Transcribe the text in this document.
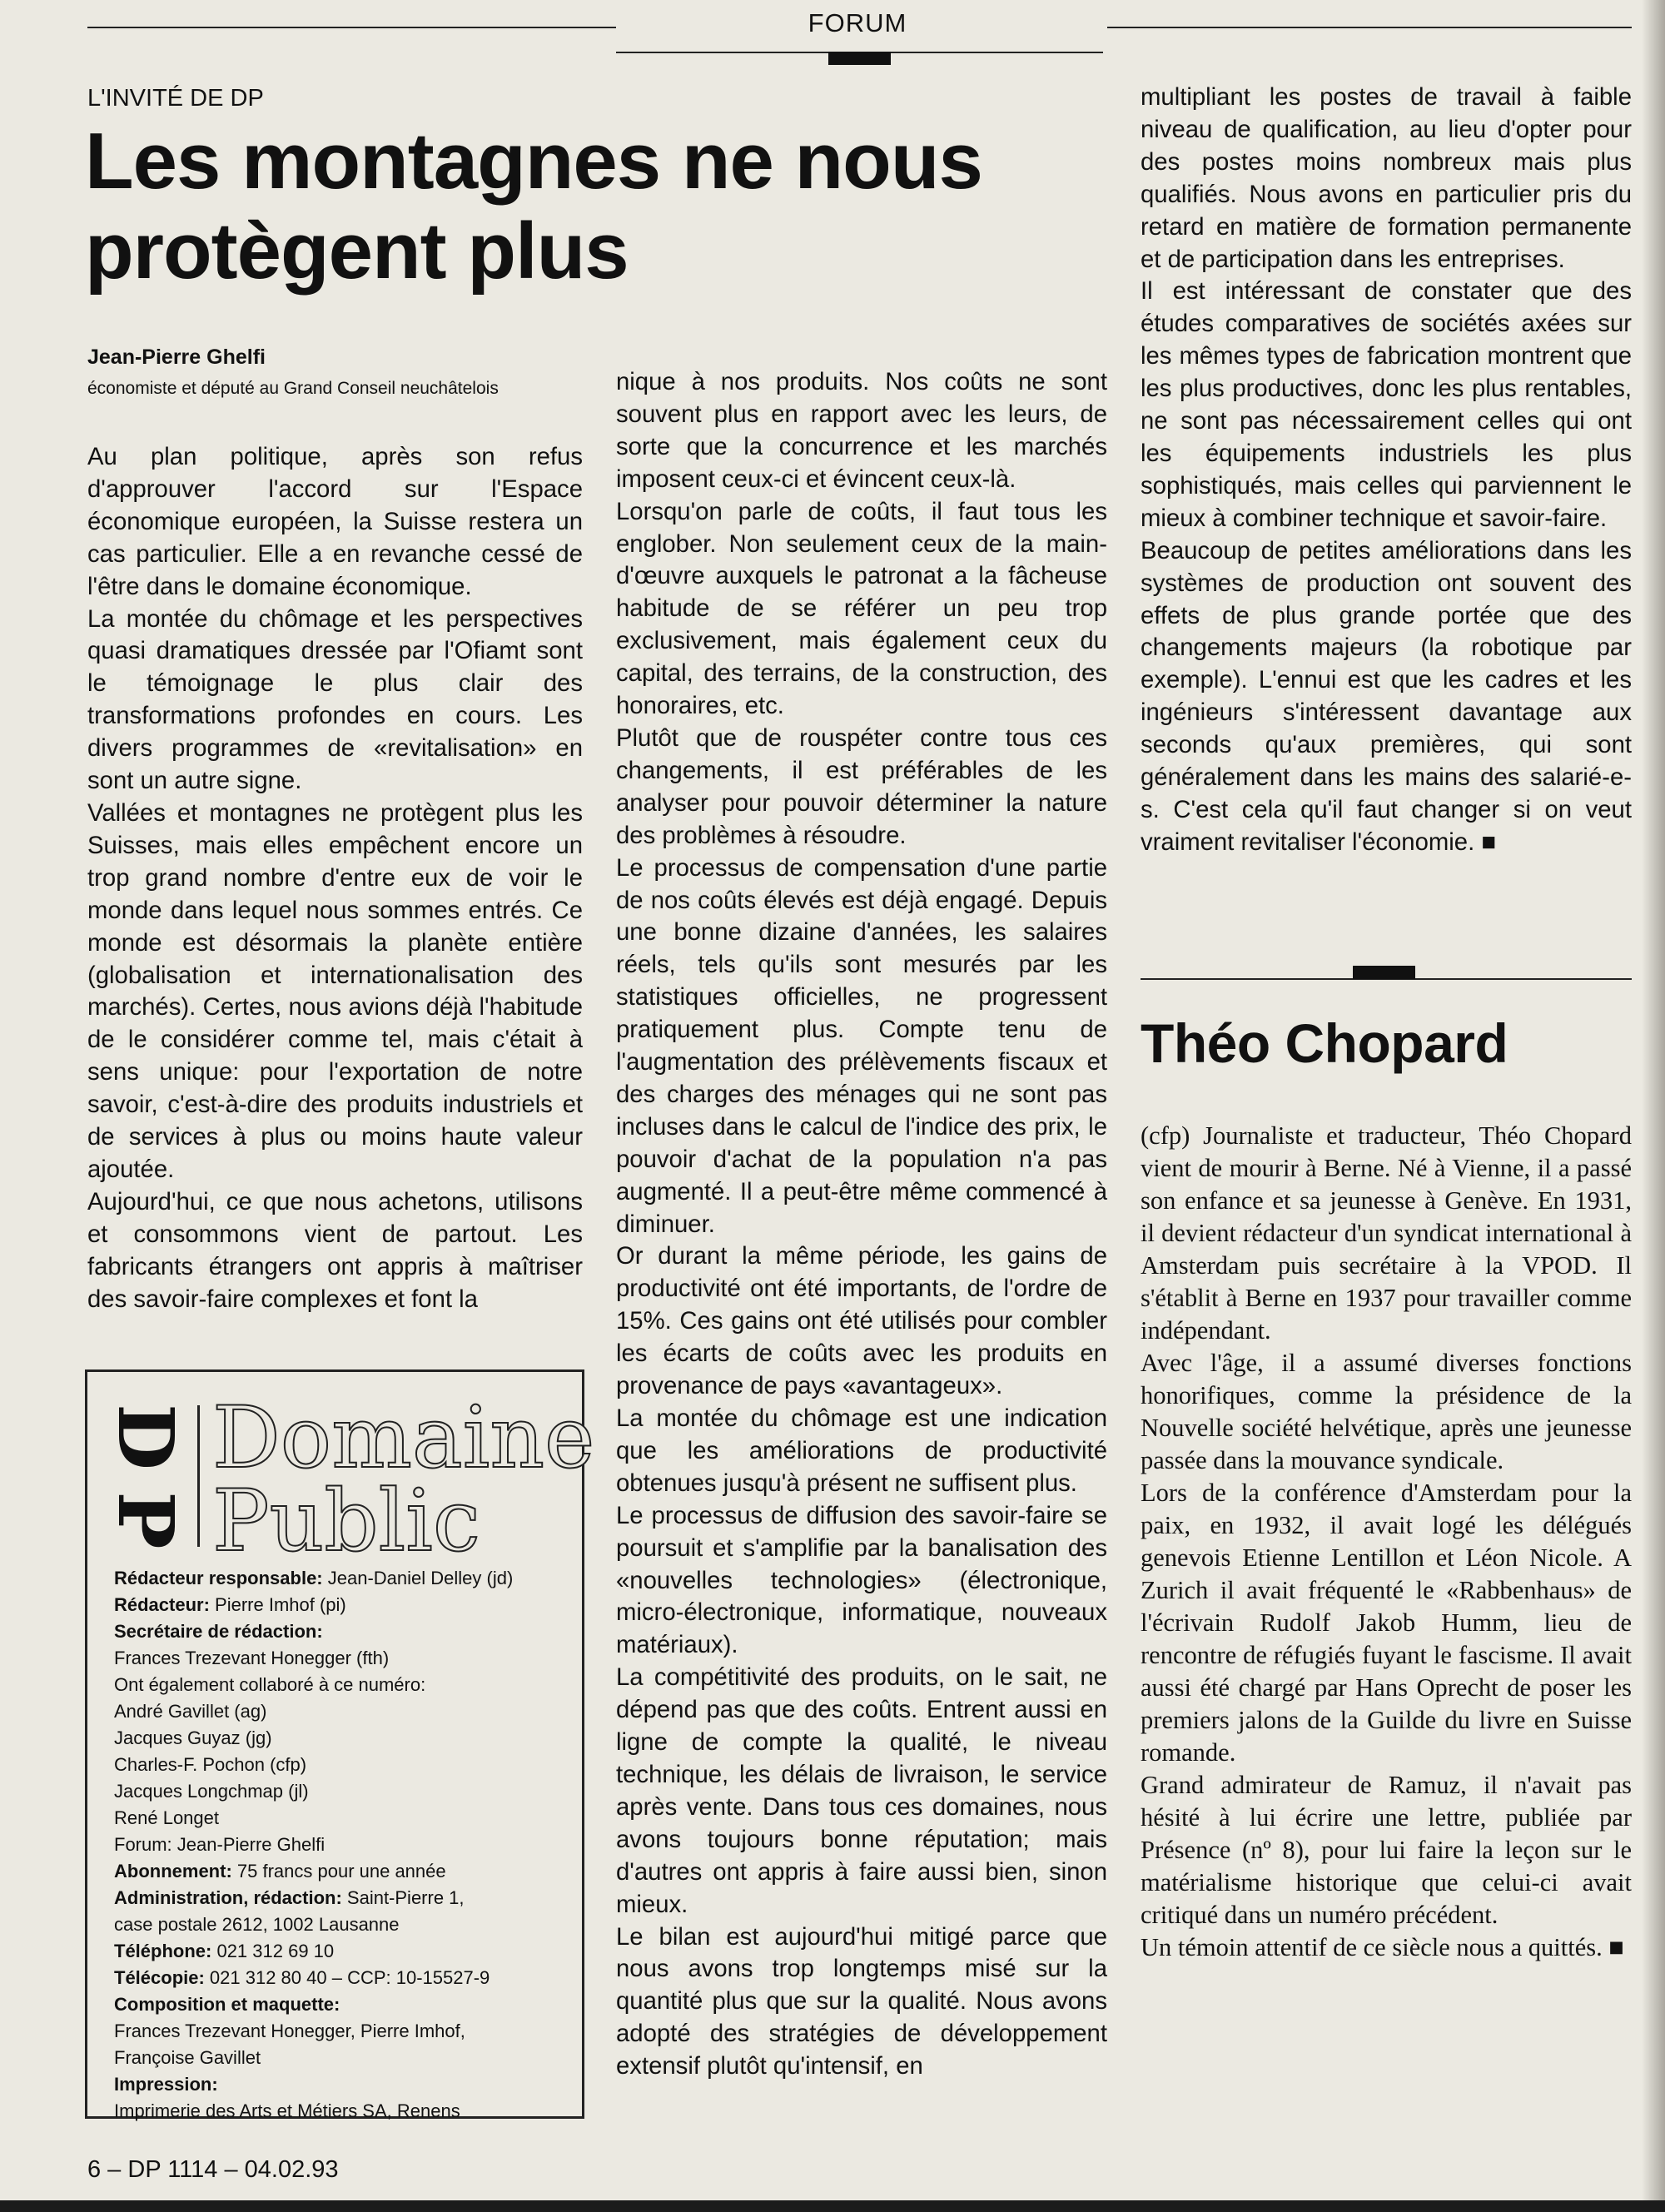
FORUM
L'INVITÉ DE DP
Les montagnes ne nous protègent plus
Jean-Pierre Ghelfi
économiste et député au Grand Conseil neuchâtelois

Au plan politique, après son refus d'approuver l'accord sur l'Espace économique européen, la Suisse restera un cas particulier. Elle a en revanche cessé de l'être dans le domaine économique.

La montée du chômage et les perspectives quasi dramatiques dressée par l'Ofiamt sont le témoignage le plus clair des transformations profondes en cours. Les divers programmes de «revitalisation» en sont un autre signe.

Vallées et montagnes ne protègent plus les Suisses, mais elles empêchent encore un trop grand nombre d'entre eux de voir le monde dans lequel nous sommes entrés. Ce monde est désormais la planète entière (globalisation et internationalisation des marchés). Certes, nous avions déjà l'habitude de le considérer comme tel, mais c'était à sens unique: pour l'exportation de notre savoir, c'est-à-dire des produits industriels et de services à plus ou moins haute valeur ajoutée.

Aujourd'hui, ce que nous achetons, utilisons et consommons vient de partout. Les fabricants étrangers ont appris à maîtriser des savoir-faire complexes et font la

nique à nos produits. Nos coûts ne sont souvent plus en rapport avec les leurs, de sorte que la concurrence et les marchés imposent ceux-ci et évincent ceux-là.

Lorsqu'on parle de coûts, il faut tous les englober. Non seulement ceux de la main-d'œuvre auxquels le patronat a la fâcheuse habitude de se référer un peu trop exclusivement, mais également ceux du capital, des terrains, de la construction, des honoraires, etc.

Plutôt que de rouspéter contre tous ces changements, il est préférables de les analyser pour pouvoir déterminer la nature des problèmes à résoudre.

Le processus de compensation d'une partie de nos coûts élevés est déjà engagé. Depuis une bonne dizaine d'années, les salaires réels, tels qu'ils sont mesurés par les statistiques officielles, ne progressent pratiquement plus. Compte tenu de l'augmentation des prélèvements fiscaux et des charges des ménages qui ne sont pas incluses dans le calcul de l'indice des prix, le pouvoir d'achat de la population n'a pas augmenté. Il a peut-être même commencé à diminuer.

Or durant la même période, les gains de productivité ont été importants, de l'ordre de 15%. Ces gains ont été utilisés pour combler les écarts de coûts avec les produits en provenance de pays «avantageux».

La montée du chômage est une indication que les améliorations de productivité obtenues jusqu'à présent ne suffisent plus.

Le processus de diffusion des savoir-faire se poursuit et s'amplifie par la banalisation des «nouvelles technologies» (électronique, micro-électronique, informatique, nouveaux matériaux).

La compétitivité des produits, on le sait, ne dépend pas que des coûts. Entrent aussi en ligne de compte la qualité, le niveau technique, les délais de livraison, le service après vente. Dans tous ces domaines, nous avons toujours bonne réputation; mais d'autres ont appris à faire aussi bien, sinon mieux.

Le bilan est aujourd'hui mitigé parce que nous avons trop longtemps misé sur la quantité plus que sur la qualité. Nous avons adopté des stratégies de développement extensif plutôt qu'intensif, en

multipliant les postes de travail à faible niveau de qualification, au lieu d'opter pour des postes moins nombreux mais plus qualifiés. Nous avons en particulier pris du retard en matière de formation permanente et de participation dans les entreprises.

Il est intéressant de constater que des études comparatives de sociétés axées sur les mêmes types de fabrication montrent que les plus productives, donc les plus rentables, ne sont pas nécessairement celles qui ont les équipements industriels les plus sophistiqués, mais celles qui parviennent le mieux à combiner technique et savoir-faire.

Beaucoup de petites améliorations dans les systèmes de production ont souvent des effets de plus grande portée que des changements majeurs (la robotique par exemple). L'ennui est que les cadres et les ingénieurs s'intéressent davantage aux seconds qu'aux premières, qui sont généralement dans les mains des salarié-e-s. C'est cela qu'il faut changer si on veut vraiment revitaliser l'économie. ■

Théo Chopard

(cfp) Journaliste et traducteur, Théo Chopard vient de mourir à Berne. Né à Vienne, il a passé son enfance et sa jeunesse à Genève. En 1931, il devient rédacteur d'un syndicat international à Amsterdam puis secrétaire à la VPOD. Il s'établit à Berne en 1937 pour travailler comme indépendant.

Avec l'âge, il a assumé diverses fonctions honorifiques, comme la présidence de la Nouvelle société helvétique, après une jeunesse passée dans la mouvance syndicale.

Lors de la conférence d'Amsterdam pour la paix, en 1932, il avait logé les délégués genevois Etienne Lentillon et Léon Nicole. A Zurich il avait fréquenté le «Rabbenhaus» de l'écrivain Rudolf Jakob Humm, lieu de rencontre de réfugiés fuyant le fascisme. Il avait aussi été chargé par Hans Oprecht de poser les premiers jalons de la Guilde du livre en Suisse romande.

Grand admirateur de Ramuz, il n'avait pas hésité à lui écrire une lettre, publiée par Présence (nº 8), pour lui faire la leçon sur le matérialisme historique que celui-ci avait critiqué dans un numéro précédent.

Un témoin attentif de ce siècle nous a quittés. ■

D
P
Domaine
Public
Rédacteur responsable: Jean-Daniel Delley (jd)
Rédacteur: Pierre Imhof (pi)
Secrétaire de rédaction:
Frances Trezevant Honegger (fth)
Ont également collaboré à ce numéro:
André Gavillet (ag)
Jacques Guyaz (jg)
Charles-F. Pochon (cfp)
Jacques Longchmap (jl)
René Longet
Forum: Jean-Pierre Ghelfi
Abonnement: 75 francs pour une année
Administration, rédaction: Saint-Pierre 1,
case postale 2612, 1002 Lausanne
Téléphone: 021 312 69 10
Télécopie: 021 312 80 40 – CCP: 10-15527-9
Composition et maquette:
Frances Trezevant Honegger, Pierre Imhof,
Françoise Gavillet
Impression:
Imprimerie des Arts et Métiers SA, Renens
6 – DP 1114 – 04.02.93
